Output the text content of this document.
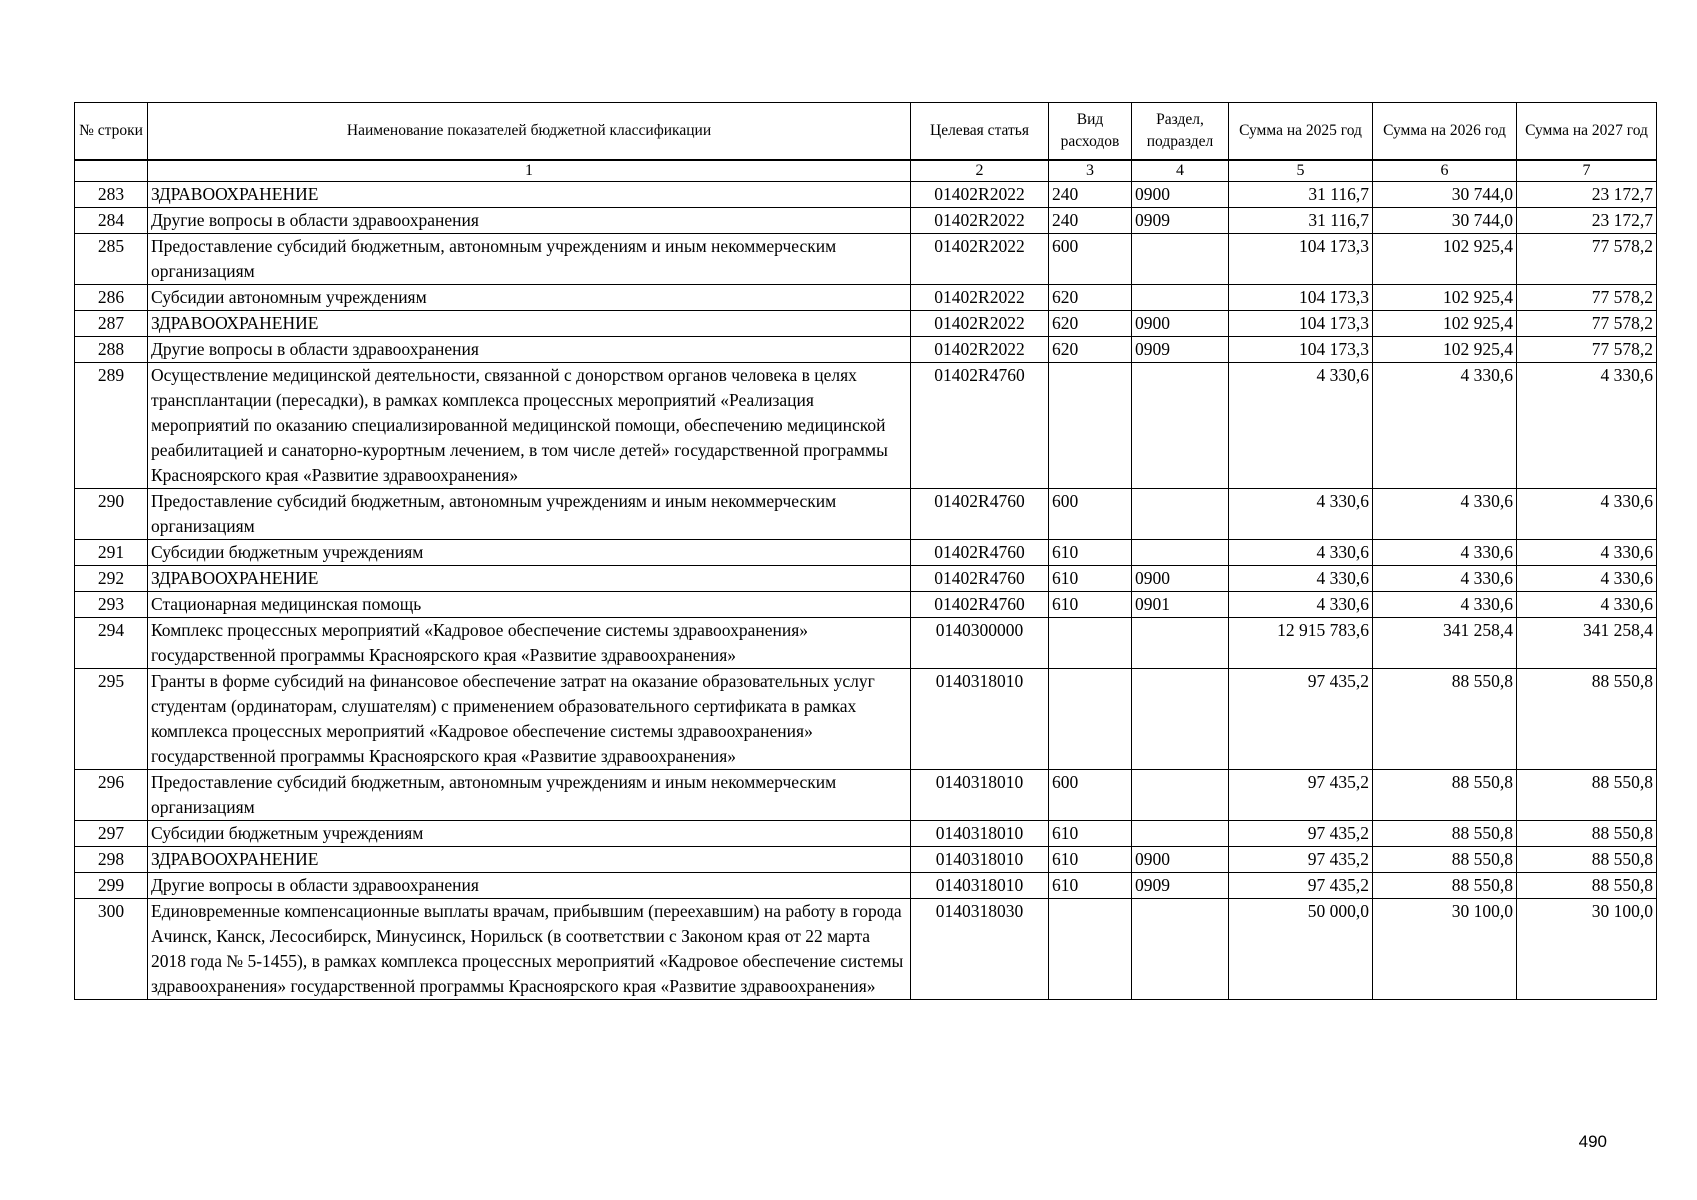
№ строки	Наименование показателей бюджетной классификации	Целевая статья	Вид расходов	Раздел, подраздел	Сумма на 2025 год	Сумма на 2026 год	Сумма на 2027 год
	1	2	3	4	5	6	7
283	ЗДРАВООХРАНЕНИЕ	01402R2022	240	0900	31 116,7	30 744,0	23 172,7
284	Другие вопросы в области здравоохранения	01402R2022	240	0909	31 116,7	30 744,0	23 172,7
285	Предоставление субсидий бюджетным, автономным учреждениям и иным некоммерческим организациям	01402R2022	600		104 173,3	102 925,4	77 578,2
286	Субсидии автономным учреждениям	01402R2022	620		104 173,3	102 925,4	77 578,2
287	ЗДРАВООХРАНЕНИЕ	01402R2022	620	0900	104 173,3	102 925,4	77 578,2
288	Другие вопросы в области здравоохранения	01402R2022	620	0909	104 173,3	102 925,4	77 578,2
289	Осуществление медицинской деятельности, связанной с донорством органов человека в целях трансплантации (пересадки), в рамках комплекса процессных мероприятий «Реализация мероприятий по оказанию специализированной медицинской помощи, обеспечению медицинской реабилитацией и санаторно-курортным лечением, в том числе детей» государственной программы Красноярского края «Развитие здравоохранения»	01402R4760			4 330,6	4 330,6	4 330,6
290	Предоставление субсидий бюджетным, автономным учреждениям и иным некоммерческим организациям	01402R4760	600		4 330,6	4 330,6	4 330,6
291	Субсидии бюджетным учреждениям	01402R4760	610		4 330,6	4 330,6	4 330,6
292	ЗДРАВООХРАНЕНИЕ	01402R4760	610	0900	4 330,6	4 330,6	4 330,6
293	Стационарная медицинская помощь	01402R4760	610	0901	4 330,6	4 330,6	4 330,6
294	Комплекс процессных мероприятий «Кадровое обеспечение системы здравоохранения» государственной программы Красноярского края «Развитие здравоохранения»	0140300000			12 915 783,6	341 258,4	341 258,4
295	Гранты в форме субсидий на финансовое обеспечение затрат на оказание образовательных услуг студентам (ординаторам, слушателям) с применением образовательного сертификата в рамках комплекса процессных мероприятий «Кадровое обеспечение системы здравоохранения» государственной программы Красноярского края «Развитие здравоохранения»	0140318010			97 435,2	88 550,8	88 550,8
296	Предоставление субсидий бюджетным, автономным учреждениям и иным некоммерческим организациям	0140318010	600		97 435,2	88 550,8	88 550,8
297	Субсидии бюджетным учреждениям	0140318010	610		97 435,2	88 550,8	88 550,8
298	ЗДРАВООХРАНЕНИЕ	0140318010	610	0900	97 435,2	88 550,8	88 550,8
299	Другие вопросы в области здравоохранения	0140318010	610	0909	97 435,2	88 550,8	88 550,8
300	Единовременные компенсационные выплаты врачам, прибывшим (переехавшим) на работу в города Ачинск, Канск, Лесосибирск, Минусинск, Норильск (в соответствии с Законом края от 22 марта 2018 года № 5-1455), в рамках комплекса процессных мероприятий «Кадровое обеспечение системы здравоохранения» государственной программы Красноярского края «Развитие здравоохранения»	0140318030			50 000,0	30 100,0	30 100,0
490
